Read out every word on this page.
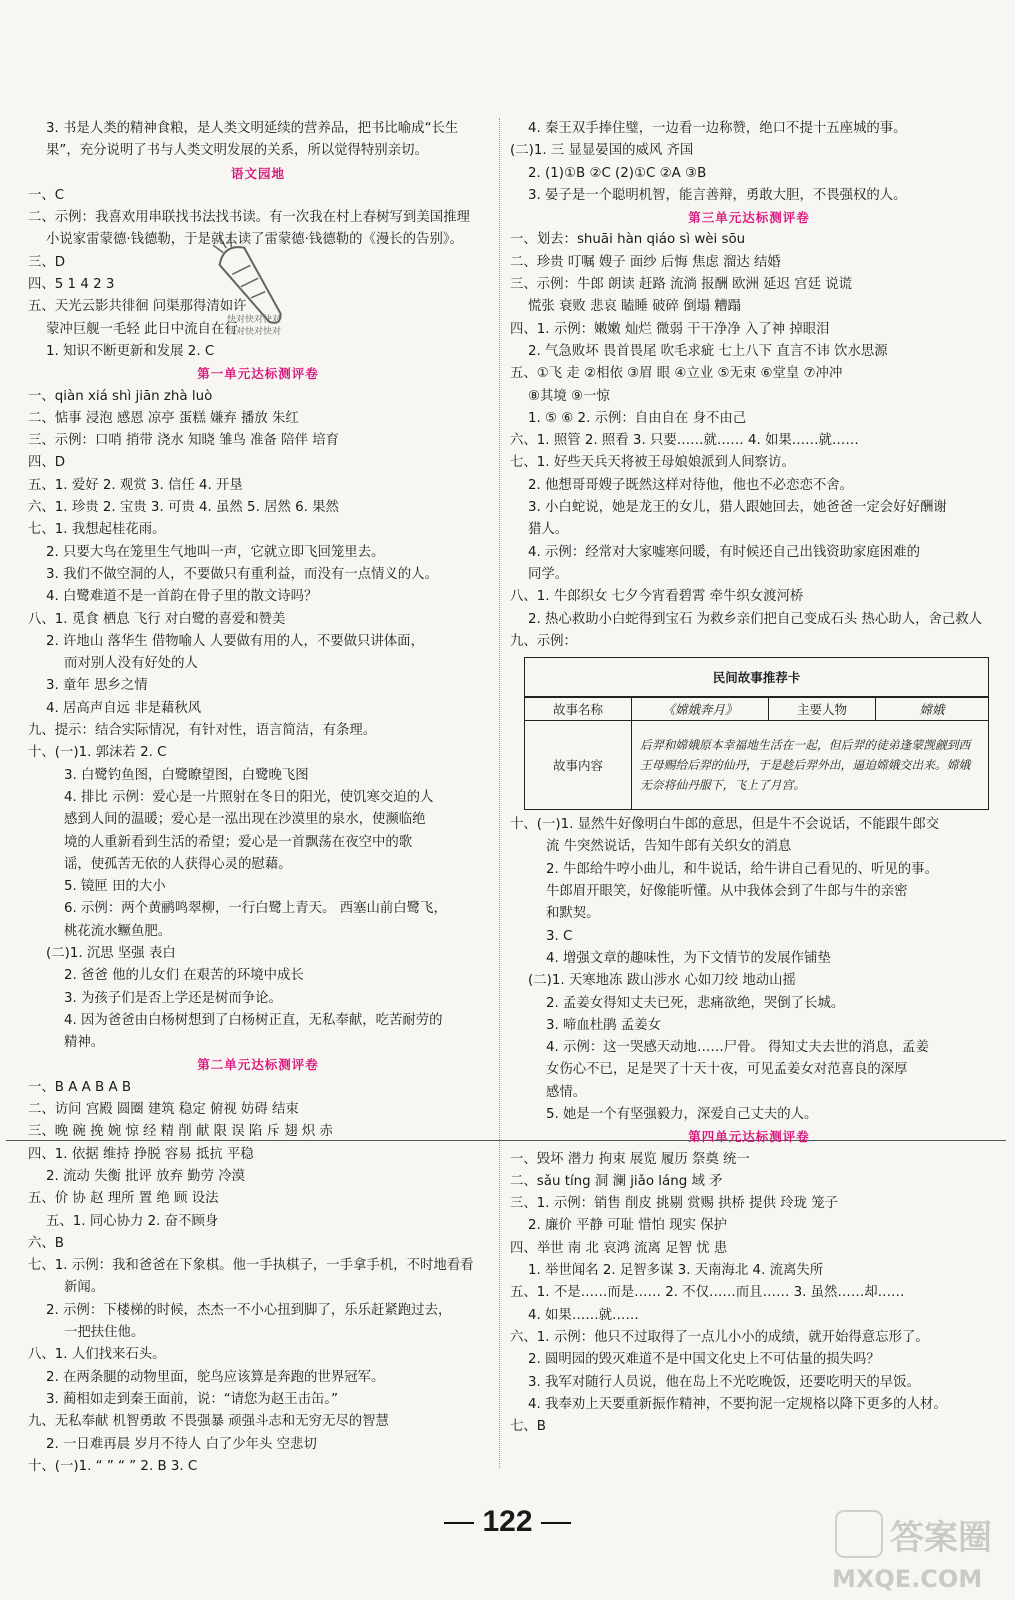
3. 书是人类的精神食粮，是人类文明延续的营养品，把书比喻成“长生
果”，充分说明了书与人类文明发展的关系，所以觉得特别亲切。
语文园地
一、C
二、示例：我喜欢用串联找书法找书读。有一次我在村上春树写到美国推理
小说家雷蒙德·钱德勒，于是就去读了雷蒙德·钱德勒的《漫长的告别》。
三、D
四、5 1 4 2 3
五、天光云影共徘徊 问渠那得清如许
蒙冲巨舰一毛轻 此日中流自在行
1. 知识不断更新和发展 2. C
第一单元达标测评卷
一、qiàn xiá shì jiān zhà luò
二、惦事 浸泡 感恩 凉亭 蛋糕 嫌弃 播放 朱红
三、示例：口哨 捎带 浇水 知晓 雏鸟 准备 陪伴 培育
四、D
五、1. 爱好 2. 观赏 3. 信任 4. 开垦
六、1. 珍贵 2. 宝贵 3. 可贵 4. 虽然 5. 居然 6. 果然
七、1. 我想起桂花雨。
2. 只要大鸟在笼里生气地叫一声，它就立即飞回笼里去。
3. 我们不做空洞的人，不要做只有重利益，而没有一点情义的人。
4. 白鹭难道不是一首韵在骨子里的散文诗吗？
八、1. 觅食 栖息 飞行 对白鹭的喜爱和赞美
2. 许地山 落华生 借物喻人 人要做有用的人，不要做只讲体面，
而对别人没有好处的人
3. 童年 思乡之情
4. 居高声自远 非是藉秋风
九、提示：结合实际情况，有针对性，语言简洁，有条理。
十、(一)1. 郭沫若 2. C
3. 白鹭钓鱼图，白鹭瞭望图，白鹭晚飞图
4. 排比 示例：爱心是一片照射在冬日的阳光，使饥寒交迫的人
感到人间的温暖；爱心是一泓出现在沙漠里的泉水，使濒临绝
境的人重新看到生活的希望；爱心是一首飘荡在夜空中的歌
谣，使孤苦无依的人获得心灵的慰藉。
5. 镜匣 田的大小
6. 示例：两个黄鹂鸣翠柳，一行白鹭上青天。 西塞山前白鹭飞，
桃花流水鳜鱼肥。
(二)1. 沉思 坚强 表白
2. 爸爸 他的儿女们 在艰苦的环境中成长
3. 为孩子们是否上学还是树而争论。
4. 因为爸爸由白杨树想到了白杨树正直，无私奉献，吃苦耐劳的
精神。
第二单元达标测评卷
一、B A A B A B
二、访问 宫殿 圆圈 建筑 稳定 俯视 妨碍 结束
三、晚 碗 挽 婉 惊 经 精 削 献 限 误 陷 斥 翅 炽 赤
四、1. 依据 维持 挣脱 容易 抵抗 平稳
2. 流动 失衡 批评 放弃 勤劳 冷漠
五、价 协 赵 理所 置 绝 顾 设法
五、1. 同心协力 2. 奋不顾身
六、B
七、1. 示例：我和爸爸在下象棋。他一手执棋子，一手拿手机，不时地看看
新闻。
2. 示例：下楼梯的时候，杰杰一不小心扭到脚了，乐乐赶紧跑过去，
一把扶住他。
八、1. 人们找来石头。
2. 在两条腿的动物里面，鸵鸟应该算是奔跑的世界冠军。
3. 蔺相如走到秦王面前，说：“请您为赵王击缶。”
九、无私奉献 机智勇敢 不畏强暴 顽强斗志和无穷无尽的智慧
2. 一日难再晨 岁月不待人 白了少年头 空悲切
十、(一)1. “ ” “ ” 2. B 3. C
4. 秦王双手捧住璧，一边看一边称赞，绝口不提十五座城的事。
(二)1. 三 显显晏国的威风 齐国
2. (1)①B ②C (2)①C ②A ③B
3. 晏子是一个聪明机智，能言善辩，勇敢大胆，不畏强权的人。
第三单元达标测评卷
一、划去：shuāi hàn qiáo sì wèi sōu
二、珍贵 叮嘱 嫂子 面纱 后悔 焦虑 溜达 结婚
三、示例：牛郎 朗读 赶路 流淌 报酬 欧洲 延迟 宫廷 说谎
慌张 衰败 悲哀 瞌睡 破碎 倒塌 糟蹋
四、1. 示例：嫩嫩 灿烂 微弱 干干净净 入了神 掉眼泪
2. 气急败坏 畏首畏尾 吹毛求疵 七上八下 直言不讳 饮水思源
五、①飞 走 ②相依 ③眉 眼 ④立业 ⑤无束 ⑥堂皇 ⑦冲冲
⑧其境 ⑨一惊
1. ⑤ ⑥ 2. 示例：自由自在 身不由己
六、1. 照管 2. 照看 3. 只要……就…… 4. 如果……就……
七、1. 好些天兵天将被王母娘娘派到人间察访。
2. 他想哥哥嫂子既然这样对待他，他也不必恋恋不舍。
3. 小白蛇说，她是龙王的女儿，猎人跟她回去，她爸爸一定会好好酬谢
猎人。
4. 示例：经常对大家嘘寒问暖，有时候还自己出钱资助家庭困难的
同学。
八、1. 牛郎织女 七夕今宵看碧霄 牵牛织女渡河桥
2. 热心救助小白蛇得到宝石 为救乡亲们把自己变成石头 热心助人，舍己救人
九、示例：
民间故事推荐卡			
故事名称	《嫦娥奔月》	主要人物	嫦娥
故事内容	后羿和嫦娥原本幸福地生活在一起，但后羿的徒弟逢蒙觊觎到西王母赐给后羿的仙丹，于是趁后羿外出，逼迫嫦娥交出来。嫦娥无奈将仙丹服下，飞上了月宫。		
十、(一)1. 显然牛好像明白牛郎的意思，但是牛不会说话，不能跟牛郎交
流 牛突然说话，告知牛郎有关织女的消息
2. 牛郎给牛哼小曲儿，和牛说话，给牛讲自己看见的、听见的事。
牛郎眉开眼笑，好像能听懂。从中我体会到了牛郎与牛的亲密
和默契。
3. C
4. 增强文章的趣味性，为下文情节的发展作铺垫
(二)1. 天寒地冻 跋山涉水 心如刀绞 地动山摇
2. 孟姜女得知丈夫已死，悲痛欲绝，哭倒了长城。
3. 啼血杜鹃 孟姜女
4. 示例：这一哭感天动地……尸骨。 得知丈夫去世的消息，孟姜
女伤心不已，足是哭了十天十夜，可见孟姜女对范喜良的深厚
感情。
5. 她是一个有坚强毅力，深爱自己丈夫的人。
第四单元达标测评卷
一、毁坏 潜力 拘束 展览 履历 祭奠 统一
二、sǎu tíng 洞 澜 jiǎo láng 域 矛
三、1. 示例：销售 削皮 挑剔 赏赐 拱桥 提供 玲珑 笼子
2. 廉价 平静 可耻 惜怕 现实 保护
四、举世 南 北 哀鸿 流离 足智 忧 患
1. 举世闻名 2. 足智多谋 3. 天南海北 4. 流离失所
五、1. 不是……而是…… 2. 不仅……而且…… 3. 虽然……却……
4. 如果……就……
六、1. 示例：他只不过取得了一点儿小小的成绩，就开始得意忘形了。
2. 圆明园的毁灭难道不是中国文化史上不可估量的损失吗？
3. 我军对随行人员说，他在岛上不光吃晚饭，还要吃明天的早饭。
4. 我奉劝上天要重新振作精神，不要拘泥一定规格以降下更多的人材。
七、B
快对快对快对
快对快对快对
122	答案圈
MXQE.COM
